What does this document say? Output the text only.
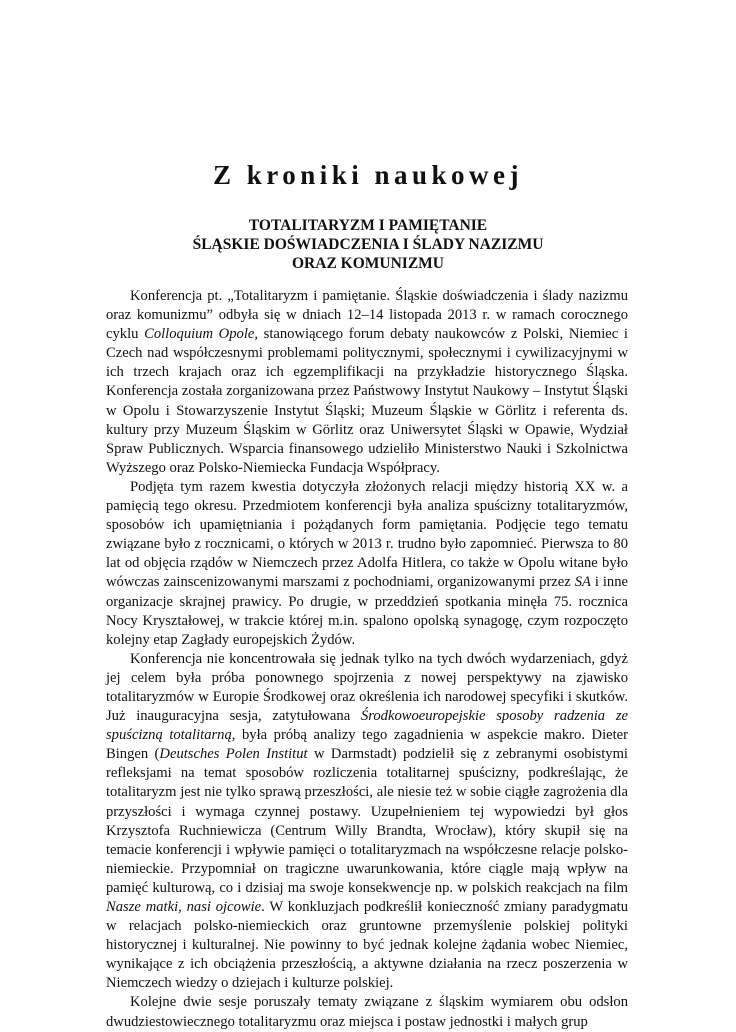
Z kroniki naukowej
TOTALITARYZM I PAMIĘTANIE
ŚLĄSKIE DOŚWIADCZENIA I ŚLADY NAZIZMU
ORAZ KOMUNIZMU

Konferencja pt. „Totalitaryzm i pamiętanie. Śląskie doświadczenia i ślady nazizmu oraz komunizmu” odbyła się w dniach 12–14 listopada 2013 r. w ramach corocznego cyklu Colloquium Opole, stanowiącego forum debaty naukowców z Polski, Niemiec i Czech nad współczesnymi problemami politycznymi, społecznymi i cywilizacyjnymi w ich trzech krajach oraz ich egzemplifikacji na przykładzie historycznego Śląska. Konferencja została zorganizowana przez Państwowy Instytut Naukowy – Instytut Śląski w Opolu i Stowarzyszenie Instytut Śląski; Muzeum Śląskie w Görlitz i referenta ds. kultury przy Muzeum Śląskim w Görlitz oraz Uniwersytet Śląski w Opawie, Wydział Spraw Publicznych. Wsparcia finansowego udzieliło Ministerstwo Nauki i Szkolnictwa Wyższego oraz Polsko-Niemiecka Fundacja Współpracy.

Podjęta tym razem kwestia dotyczyła złożonych relacji między historią XX w. a pamięcią tego okresu. Przedmiotem konferencji była analiza spuścizny totalitaryzmów, sposobów ich upamiętniania i pożądanych form pamiętania. Podjęcie tego tematu związane było z rocznicami, o których w 2013 r. trudno było zapomnieć. Pierwsza to 80 lat od objęcia rządów w Niemczech przez Adolfa Hitlera, co także w Opolu witane było wówczas zainscenizowanymi marszami z pochodniami, organizowanymi przez SA i inne organizacje skrajnej prawicy. Po drugie, w przeddzień spotkania minęła 75. rocznica Nocy Kryształowej, w trakcie której m.in. spalono opolską synagogę, czym rozpoczęto kolejny etap Zagłady europejskich Żydów.

Konferencja nie koncentrowała się jednak tylko na tych dwóch wydarzeniach, gdyż jej celem była próba ponownego spojrzenia z nowej perspektywy na zjawisko totalitaryzmów w Europie Środkowej oraz określenia ich narodowej specyfiki i skutków. Już inauguracyjna sesja, zatytułowana Środkowoeuropejskie sposoby radzenia ze spuścizną totalitarną, była próbą analizy tego zagadnienia w aspekcie makro. Dieter Bingen (Deutsches Polen Institut w Darmstadt) podzielił się z zebranymi osobistymi refleksjami na temat sposobów rozliczenia totalitarnej spuścizny, podkreślając, że totalitaryzm jest nie tylko sprawą przeszłości, ale niesie też w sobie ciągłe zagrożenia dla przyszłości i wymaga czynnej postawy. Uzupełnieniem tej wypowiedzi był głos Krzysztofa Ruchniewicza (Centrum Willy Brandta, Wrocław), który skupił się na temacie konferencji i wpływie pamięci o totalitaryzmach na współczesne relacje polsko-niemieckie. Przypomniał on tragiczne uwarunkowania, które ciągle mają wpływ na pamięć kulturową, co i dzisiaj ma swoje konsekwencje np. w polskich reakcjach na film Nasze matki, nasi ojcowie. W konkluzjach podkreślił konieczność zmiany paradygmatu w relacjach polsko-niemieckich oraz gruntowne przemyślenie polskiej polityki historycznej i kulturalnej. Nie powinny to być jednak kolejne żądania wobec Niemiec, wynikające z ich obciążenia przeszłością, a aktywne działania na rzecz poszerzenia w Niemczech wiedzy o dziejach i kulturze polskiej.

Kolejne dwie sesje poruszały tematy związane z śląskim wymiarem obu odsłon dwudziestowiecznego totalitaryzmu oraz miejsca i postaw jednostki i małych grup
